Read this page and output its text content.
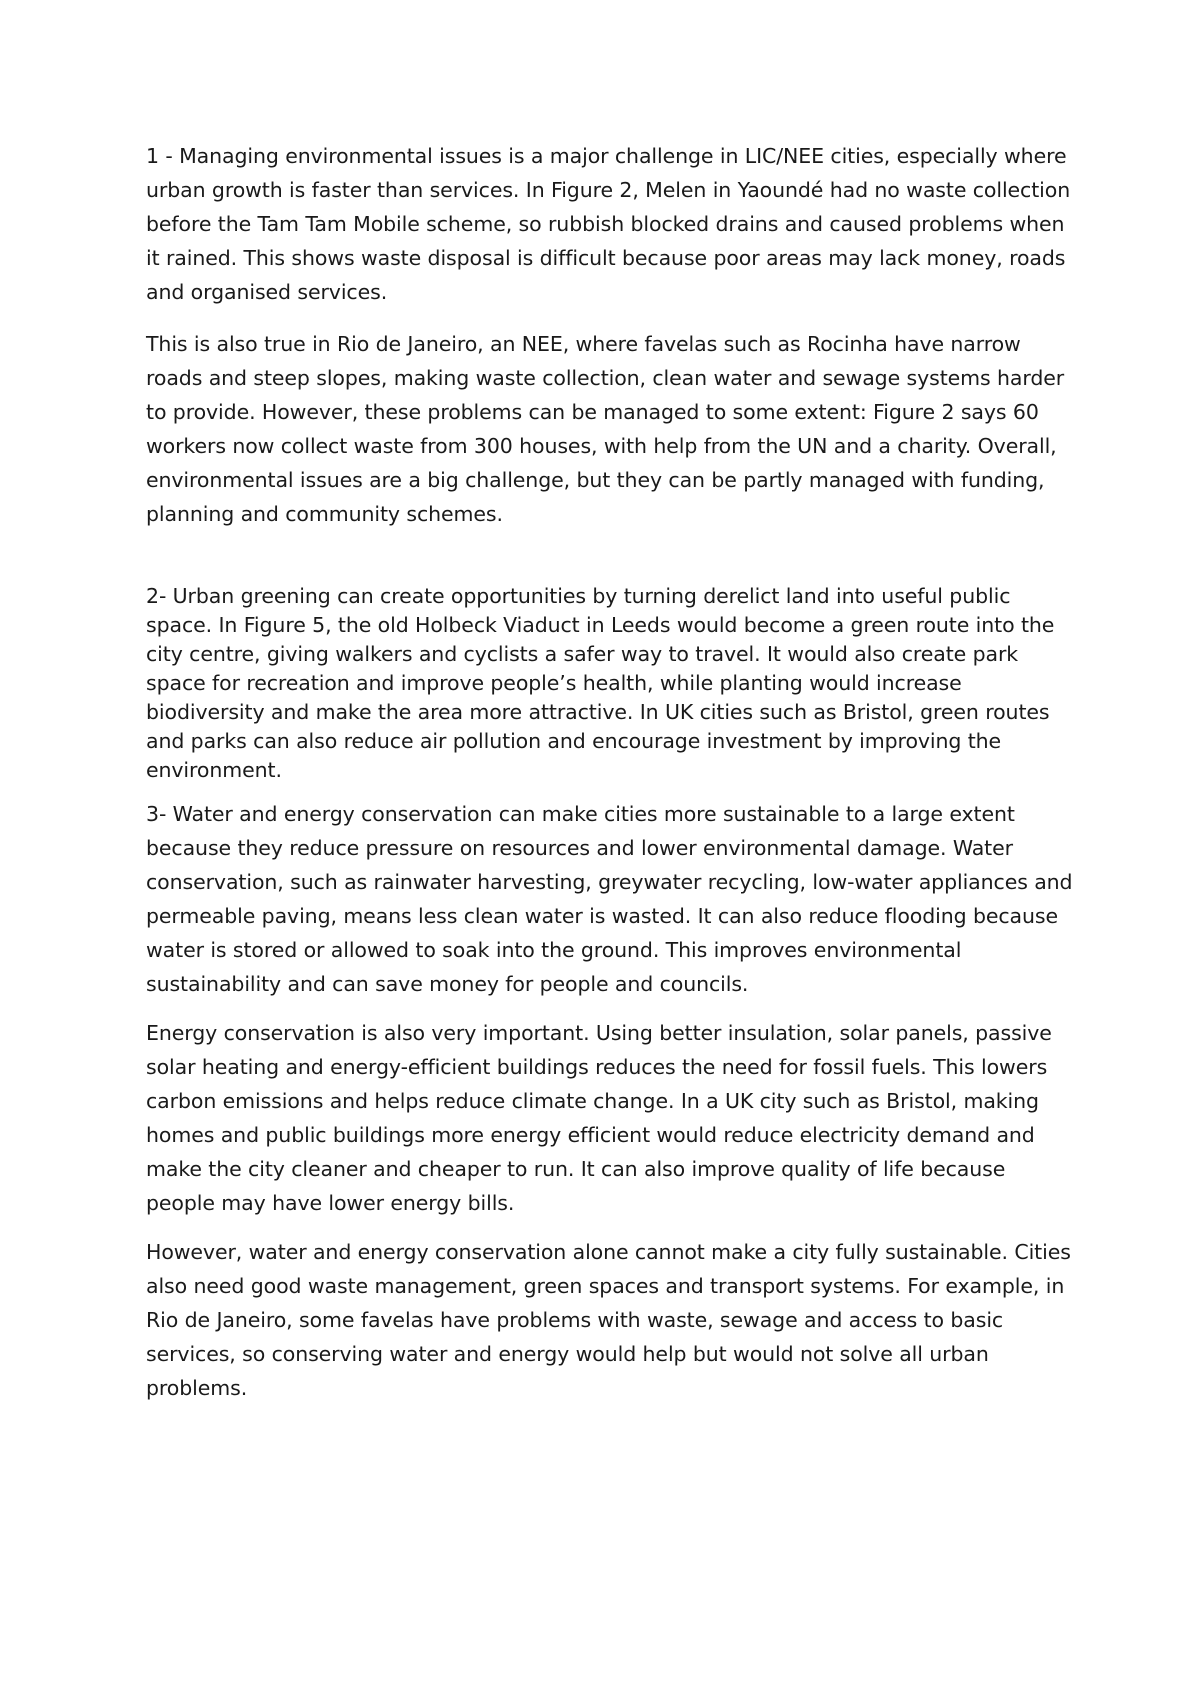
1 - Managing environmental issues is a major challenge in LIC/NEE cities, especially where urban growth is faster than services. In Figure 2, Melen in Yaoundé had no waste collection before the Tam Tam Mobile scheme, so rubbish blocked drains and caused problems when it rained. This shows waste disposal is difficult because poor areas may lack money, roads and organised services.

This is also true in Rio de Janeiro, an NEE, where favelas such as Rocinha have narrow roads and steep slopes, making waste collection, clean water and sewage systems harder to provide. However, these problems can be managed to some extent: Figure 2 says 60 workers now collect waste from 300 houses, with help from the UN and a charity. Overall, environmental issues are a big challenge, but they can be partly managed with funding, planning and community schemes.

2- Urban greening can create opportunities by turning derelict land into useful public space. In Figure 5, the old Holbeck Viaduct in Leeds would become a green route into the city centre, giving walkers and cyclists a safer way to travel. It would also create park space for recreation and improve people’s health, while planting would increase biodiversity and make the area more attractive. In UK cities such as Bristol, green routes and parks can also reduce air pollution and encourage investment by improving the environment.

3- Water and energy conservation can make cities more sustainable to a large extent because they reduce pressure on resources and lower environmental damage. Water conservation, such as rainwater harvesting, greywater recycling, low-water appliances and permeable paving, means less clean water is wasted. It can also reduce flooding because water is stored or allowed to soak into the ground. This improves environmental sustainability and can save money for people and councils.

Energy conservation is also very important. Using better insulation, solar panels, passive solar heating and energy-efficient buildings reduces the need for fossil fuels. This lowers carbon emissions and helps reduce climate change. In a UK city such as Bristol, making homes and public buildings more energy efficient would reduce electricity demand and make the city cleaner and cheaper to run. It can also improve quality of life because people may have lower energy bills.

However, water and energy conservation alone cannot make a city fully sustainable. Cities also need good waste management, green spaces and transport systems. For example, in Rio de Janeiro, some favelas have problems with waste, sewage and access to basic services, so conserving water and energy would help but would not solve all urban problems.
